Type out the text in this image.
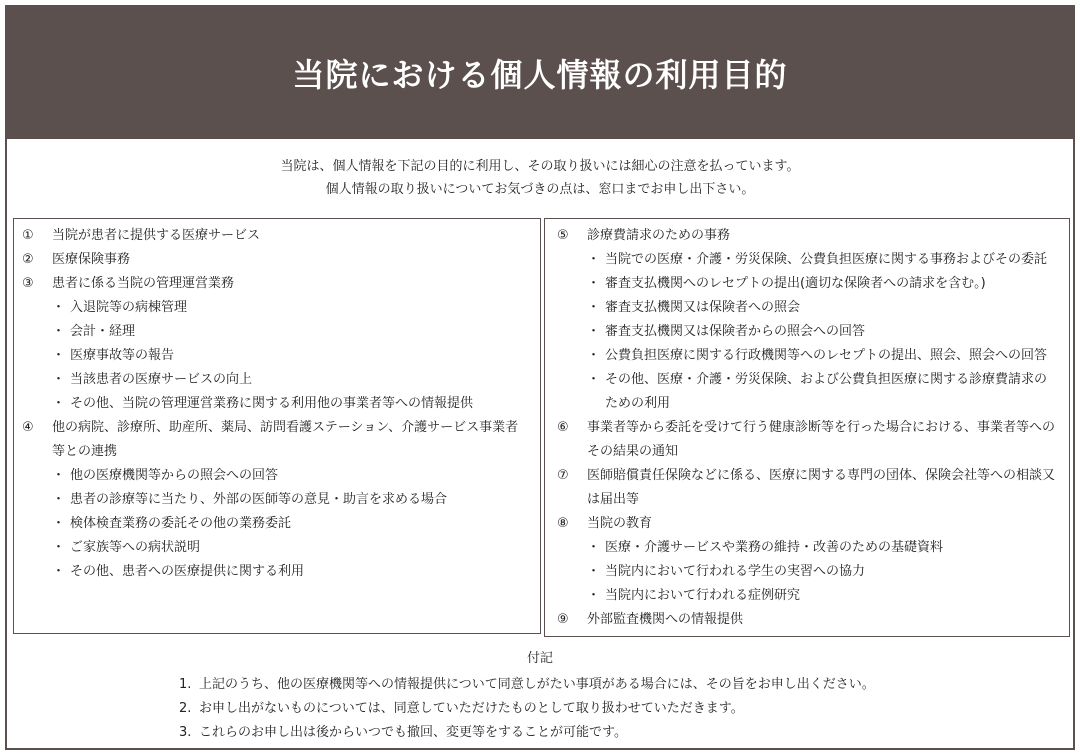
当院における個人情報の利用目的
当院は、個人情報を下記の目的に利用し、その取り扱いには細心の注意を払っています。
個人情報の取り扱いについてお気づきの点は、窓口までお申し出下さい。
①	当院が患者に提供する医療サービス
②	医療保険事務
③	患者に係る当院の管理運営業務
・ 入退院等の病棟管理
・ 会計・経理
・ 医療事故等の報告
・ 当該患者の医療サービスの向上
・ その他、当院の管理運営業務に関する利用他の事業者等への情報提供
④	他の病院、診療所、助産所、薬局、訪問看護ステーション、介護サービス事業者等との連携
・ 他の医療機関等からの照会への回答
・ 患者の診療等に当たり、外部の医師等の意見・助言を求める場合
・ 検体検査業務の委託その他の業務委託
・ ご家族等への病状説明
・ その他、患者への医療提供に関する利用
⑤	診療費請求のための事務
・ 当院での医療・介護・労災保険、公費負担医療に関する事務およびその委託
・ 審査支払機関へのレセプトの提出(適切な保険者への請求を含む。)
・ 審査支払機関又は保険者への照会
・ 審査支払機関又は保険者からの照会への回答
・ 公費負担医療に関する行政機関等へのレセプトの提出、照会、照会への回答
・ その他、医療・介護・労災保険、および公費負担医療に関する診療費請求のための利用
⑥	事業者等から委託を受けて行う健康診断等を行った場合における、事業者等へのその結果の通知
⑦	医師賠償責任保険などに係る、医療に関する専門の団体、保険会社等への相談又は届出等
⑧	当院の教育
・ 医療・介護サービスや業務の維持・改善のための基礎資料
・ 当院内において行われる学生の実習への協力
・ 当院内において行われる症例研究
⑨	外部監査機関への情報提供
付記
1. 上記のうち、他の医療機関等への情報提供について同意しがたい事項がある場合には、その旨をお申し出ください。
2. お申し出がないものについては、同意していただけたものとして取り扱わせていただきます。
3. これらのお申し出は後からいつでも撤回、変更等をすることが可能です。
